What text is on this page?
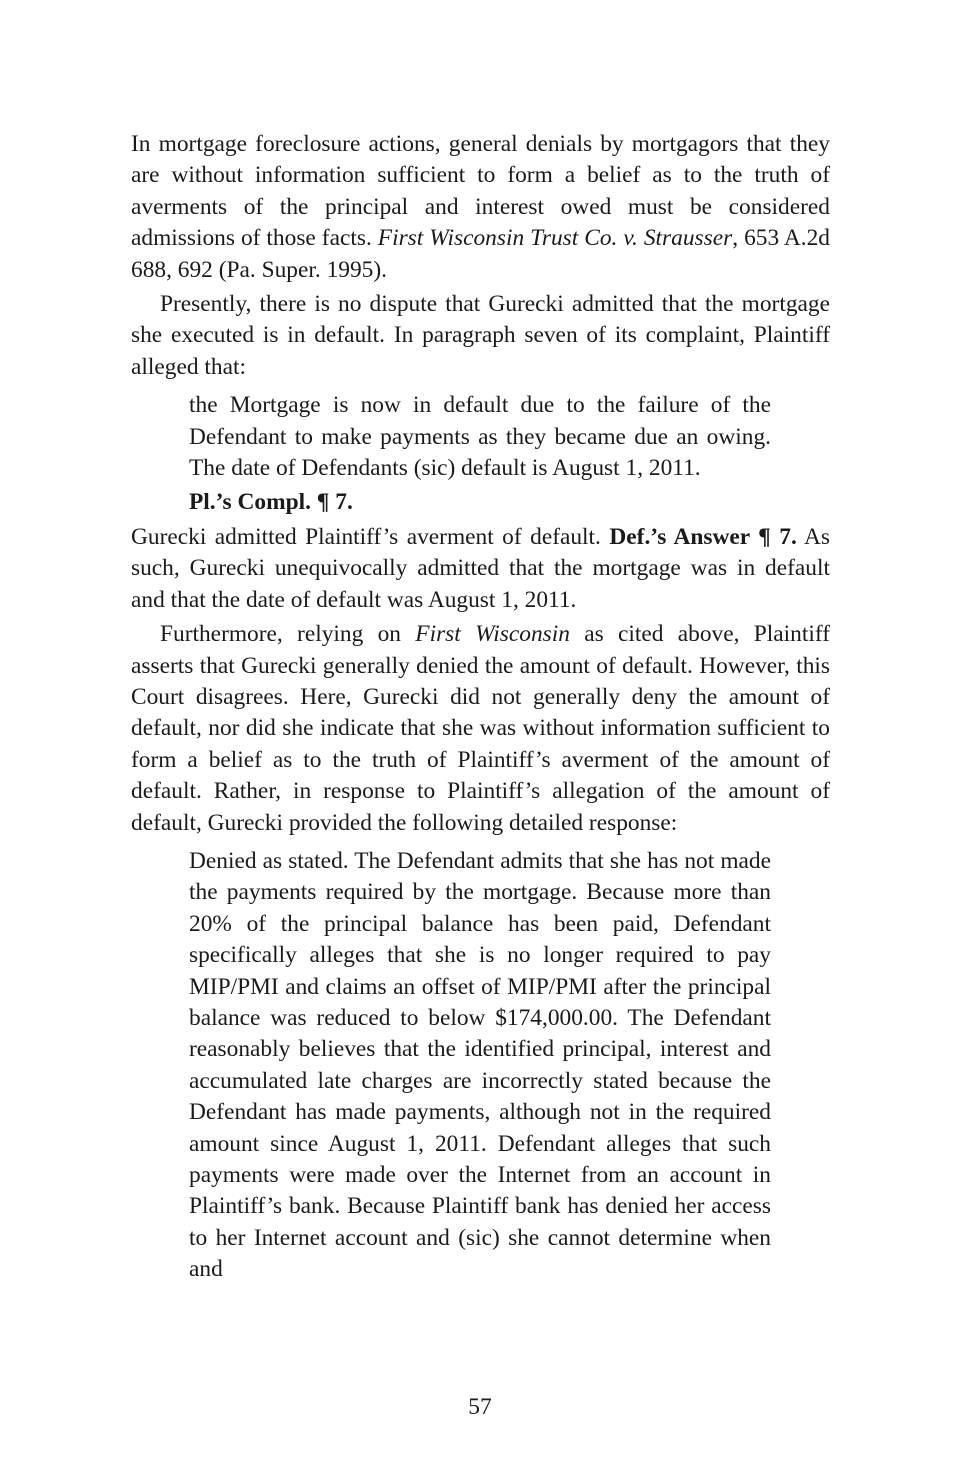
In mortgage foreclosure actions, general denials by mortgagors that they are without information sufficient to form a belief as to the truth of averments of the principal and interest owed must be considered admissions of those facts. First Wisconsin Trust Co. v. Strausser, 653 A.2d 688, 692 (Pa. Super. 1995).

Presently, there is no dispute that Gurecki admitted that the mortgage she executed is in default. In paragraph seven of its complaint, Plaintiff alleged that:

the Mortgage is now in default due to the failure of the Defendant to make payments as they became due an owing. The date of Defendants (sic) default is August 1, 2011.

Pl.’s Compl. ¶ 7.

Gurecki admitted Plaintiff’s averment of default. Def.’s Answer ¶ 7. As such, Gurecki unequivocally admitted that the mortgage was in default and that the date of default was August 1, 2011.

Furthermore, relying on First Wisconsin as cited above, Plaintiff asserts that Gurecki generally denied the amount of default. However, this Court disagrees. Here, Gurecki did not generally deny the amount of default, nor did she indicate that she was without information sufficient to form a belief as to the truth of Plaintiff’s averment of the amount of default. Rather, in response to Plaintiff’s allegation of the amount of default, Gurecki provided the following detailed response:

Denied as stated. The Defendant admits that she has not made the payments required by the mortgage. Because more than 20% of the principal balance has been paid, Defendant specifically alleges that she is no longer required to pay MIP/PMI and claims an offset of MIP/PMI after the principal balance was reduced to below $174,000.00. The Defendant reasonably believes that the identified principal, interest and accumulated late charges are incorrectly stated because the Defendant has made payments, although not in the required amount since August 1, 2011. Defendant alleges that such payments were made over the Internet from an account in Plaintiff’s bank. Because Plaintiff bank has denied her access to her Internet account and (sic) she cannot determine when and

57
